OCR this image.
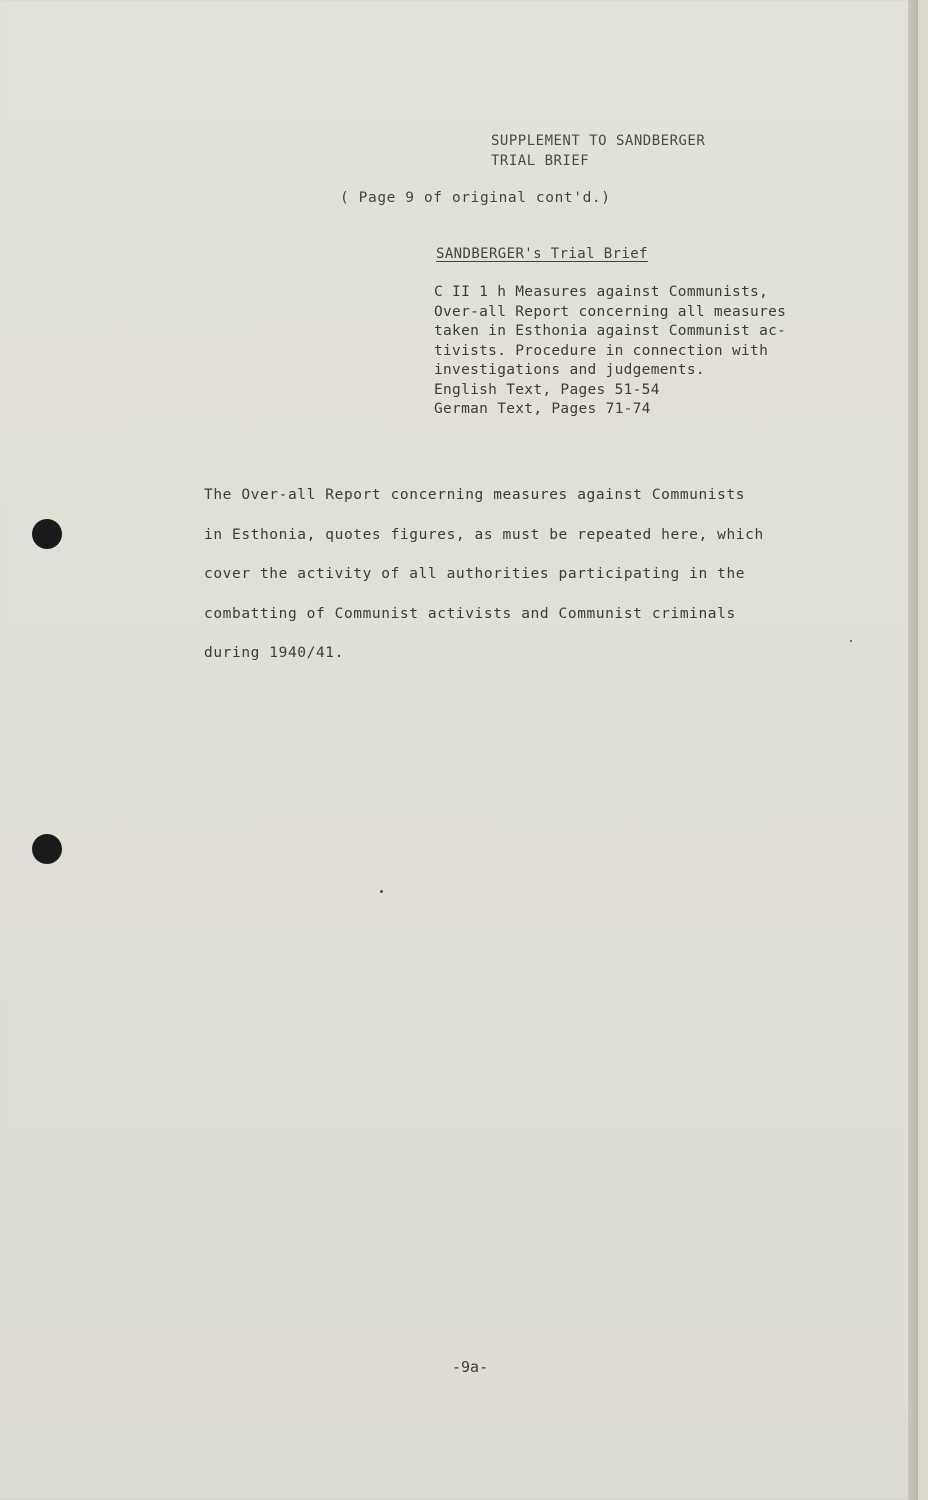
SUPPLEMENT TO SANDBERGER
TRIAL BRIEF
( Page 9 of original cont'd.)
SANDBERGER's Trial Brief
C II 1 h Measures against Communists,
Over-all Report concerning all measures
taken in Esthonia against Communist ac-
tivists. Procedure in connection with
investigations and judgements.
English Text, Pages 51-54
German Text, Pages 71-74
The Over-all Report concerning measures against Communists
in Esthonia, quotes figures, as must be repeated here, which
cover the activity of all authorities participating in the
combatting of Communist activists and Communist criminals
during 1940/41.
-9a-
